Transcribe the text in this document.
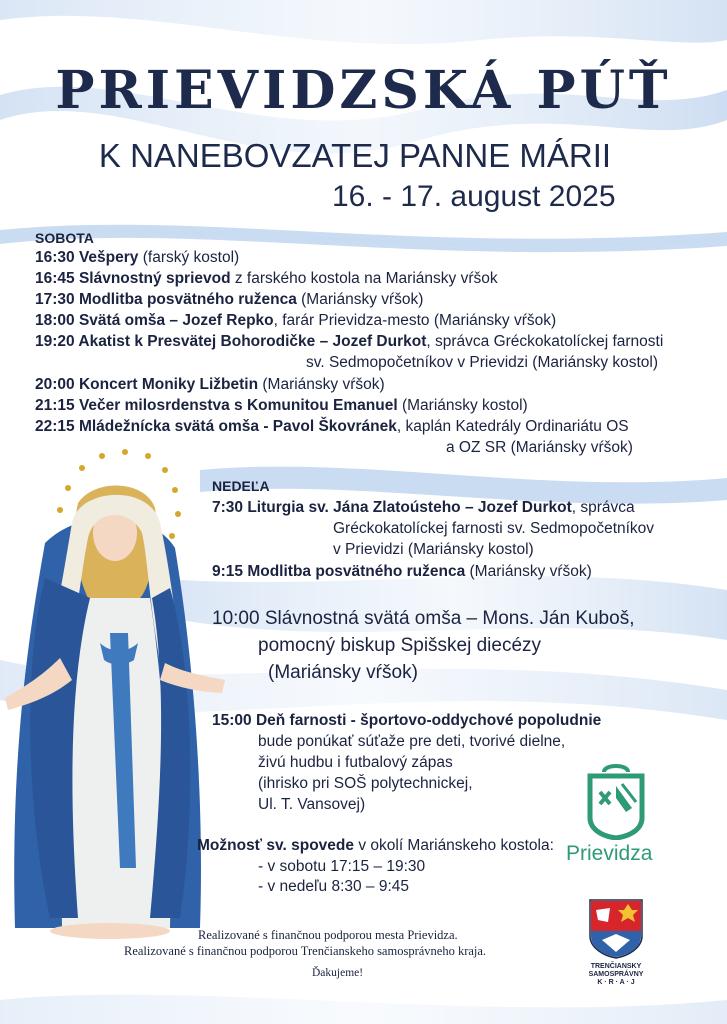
PRIEVIDZSKÁ PÚŤ
K NANEBOVZATEJ PANNE MÁRII
16. - 17. august 2025
SOBOTA
16:30 Vešpery (farský kostol)
16:45 Slávnostný sprievod z farského kostola na Mariánsky vŕšok
17:30 Modlitba posvätného ruženca (Mariánsky vŕšok)
18:00 Svätá omša – Jozef Repko, farár Prievidza-mesto (Mariánsky vŕšok)
19:20 Akatist k Presvätej Bohorodičke – Jozef Durkot, správca Gréckokatolíckej farnosti
sv. Sedmopočetníkov v Prievidzi (Mariánsky kostol)
20:00 Koncert Moniky Ližbetin (Mariánsky vŕšok)
21:15 Večer milosrdenstva s Komunitou Emanuel (Mariánsky kostol)
22:15 Mládežnícka svätá omša - Pavol Škovránek, kaplán Katedrály Ordinariátu OS
a OZ SR (Mariánsky vŕšok)
NEDEĽA
7:30 Liturgia sv. Jána Zlatoústeho – Jozef Durkot, správca
Gréckokatolíckej farnosti sv. Sedmopočetníkov
v Prievidzi (Mariánsky kostol)
9:15 Modlitba posvätného ruženca (Mariánsky vŕšok)
10:00 Slávnostná svätá omša – Mons. Ján Kuboš,
pomocný biskup Spišskej diecézy
(Mariánsky vŕšok)
15:00 Deň farnosti - športovo-oddychové popoludnie
bude ponúkať súťaže pre deti, tvorivé dielne,
živú hudbu i futbalový zápas
(ihrisko pri SOŠ polytechnickej,
Ul. T. Vansovej)
Možnosť sv. spovede v okolí Mariánskeho kostola:
- v sobotu 17:15 – 19:30
- v nedeľu 8:30 – 9:45
Prievidza
TRENČIANSKY
SAMOSPRÁVNY
K · R · A · J
Realizované s finančnou podporou mesta Prievidza.
Realizované s finančnou podporou Trenčianskeho samosprávneho kraja.
Ďakujeme!
